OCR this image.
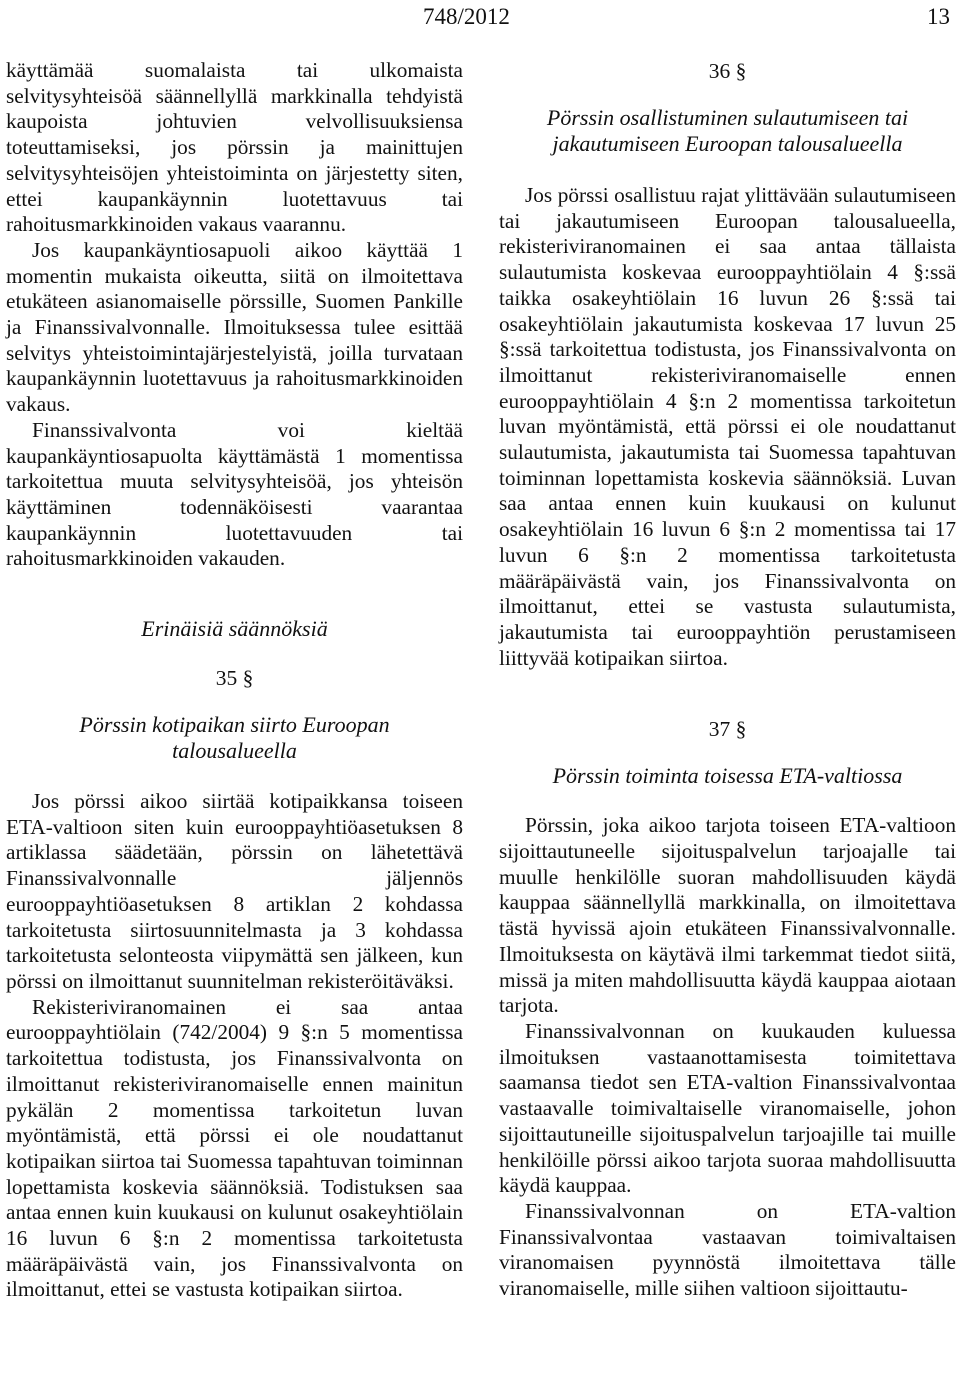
748/2012	13

käyttämää suomalaista tai ulkomaista selvitysyhteisöä säännellyllä markkinalla tehdyistä kaupoista johtuvien velvollisuuksiensa toteuttamiseksi, jos pörssin ja mainittujen selvitysyhteisöjen yhteistoiminta on järjestetty siten, ettei kaupankäynnin luotettavuus tai rahoitusmarkkinoiden vakaus vaarannu.

Jos kaupankäyntiosapuoli aikoo käyttää 1 momentin mukaista oikeutta, siitä on ilmoitettava etukäteen asianomaiselle pörssille, Suomen Pankille ja Finanssivalvonnalle. Ilmoituksessa tulee esittää selvitys yhteistoimintajärjestelyistä, joilla turvataan kaupankäynnin luotettavuus ja rahoitusmarkkinoiden vakaus.

Finanssivalvonta voi kieltää kaupankäyntiosapuolta käyttämästä 1 momentissa tarkoitettua muuta selvitysyhteisöä, jos yhteisön käyttäminen todennäköisesti vaarantaa kaupankäynnin luotettavuuden tai rahoitusmarkkinoiden vakauden.

Erinäisiä säännöksiä
35 §
Pörssin kotipaikan siirto Euroopan talousalueella

Jos pörssi aikoo siirtää kotipaikkansa toiseen ETA-valtioon siten kuin eurooppayhtiöasetuksen 8 artiklassa säädetään, pörssin on lähetettävä Finanssivalvonnalle jäljennös eurooppayhtiöasetuksen 8 artiklan 2 kohdassa tarkoitetusta siirtosuunnitelmasta ja 3 kohdassa tarkoitetusta selonteosta viipymättä sen jälkeen, kun pörssi on ilmoittanut suunnitelman rekisteröitäväksi.

Rekisteriviranomainen ei saa antaa eurooppayhtiölain (742/2004) 9 §:n 5 momentissa tarkoitettua todistusta, jos Finanssivalvonta on ilmoittanut rekisteriviranomaiselle ennen mainitun pykälän 2 momentissa tarkoitetun luvan myöntämistä, että pörssi ei ole noudattanut kotipaikan siirtoa tai Suomessa tapahtuvan toiminnan lopettamista koskevia säännöksiä. Todistuksen saa antaa ennen kuin kuukausi on kulunut osakeyhtiölain 16 luvun 6 §:n 2 momentissa tarkoitetusta määräpäivästä vain, jos Finanssivalvonta on ilmoittanut, ettei se vastusta kotipaikan siirtoa.

36 §
Pörssin osallistuminen sulautumiseen tai jakautumiseen Euroopan talousalueella

Jos pörssi osallistuu rajat ylittävään sulautumiseen tai jakautumiseen Euroopan talousalueella, rekisteriviranomainen ei saa antaa tällaista sulautumista koskevaa eurooppayhtiölain 4 §:ssä taikka osakeyhtiölain 16 luvun 26 §:ssä tai osakeyhtiölain jakautumista koskevaa 17 luvun 25 §:ssä tarkoitettua todistusta, jos Finanssivalvonta on ilmoittanut rekisteriviranomaiselle ennen eurooppayhtiölain 4 §:n 2 momentissa tarkoitetun luvan myöntämistä, että pörssi ei ole noudattanut sulautumista, jakautumista tai Suomessa tapahtuvan toiminnan lopettamista koskevia säännöksiä. Luvan saa antaa ennen kuin kuukausi on kulunut osakeyhtiölain 16 luvun 6 §:n 2 momentissa tai 17 luvun 6 §:n 2 momentissa tarkoitetusta määräpäivästä vain, jos Finanssivalvonta on ilmoittanut, ettei se vastusta sulautumista, jakautumista tai eurooppayhtiön perustamiseen liittyvää kotipaikan siirtoa.

37 §
Pörssin toiminta toisessa ETA-valtiossa

Pörssin, joka aikoo tarjota toiseen ETA-valtioon sijoittautuneelle sijoituspalvelun tarjoajalle tai muulle henkilölle suoran mahdollisuuden käydä kauppaa säännellyllä markkinalla, on ilmoitettava tästä hyvissä ajoin etukäteen Finanssivalvonnalle. Ilmoituksesta on käytävä ilmi tarkemmat tiedot siitä, missä ja miten mahdollisuutta käydä kauppaa aiotaan tarjota.

Finanssivalvonnan on kuukauden kuluessa ilmoituksen vastaanottamisesta toimitettava saamansa tiedot sen ETA-valtion Finanssivalvontaa vastaavalle toimivaltaiselle viranomaiselle, johon sijoittautuneille sijoituspalvelun tarjoajille tai muille henkilöille pörssi aikoo tarjota suoraa mahdollisuutta käydä kauppaa.

Finanssivalvonnan on ETA-valtion Finanssivalvontaa vastaavan toimivaltaisen viranomaisen pyynnöstä ilmoitettava tälle viranomaiselle, mille siihen valtioon sijoittautu-
